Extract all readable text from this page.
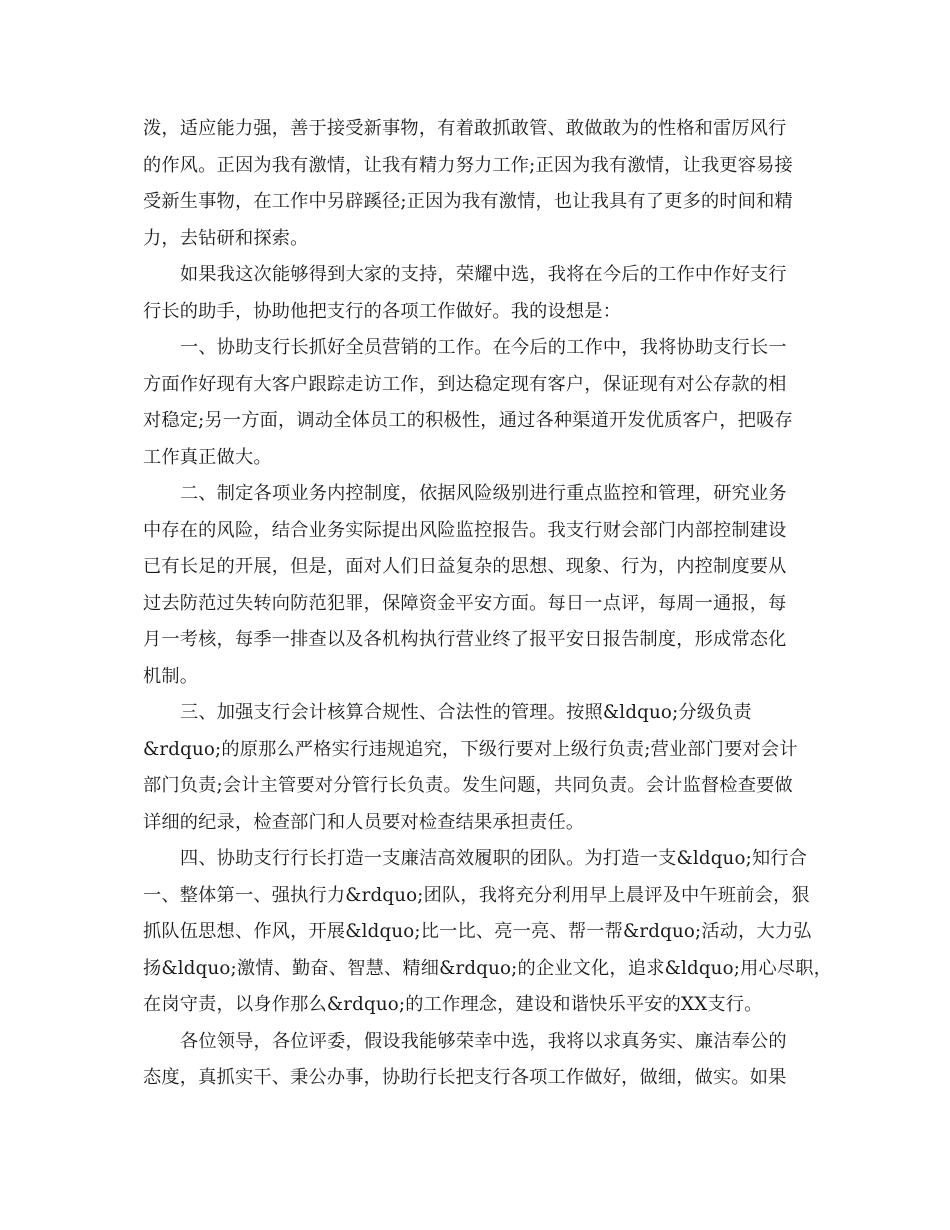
泼，适应能力强，善于接受新事物，有着敢抓敢管、敢做敢为的性格和雷厉风行
的作风。正因为我有激情，让我有精力努力工作;正因为我有激情，让我更容易接
受新生事物，在工作中另辟蹊径;正因为我有激情，也让我具有了更多的时间和精
力，去钻研和探索。
如果我这次能够得到大家的支持，荣耀中选，我将在今后的工作中作好支行
行长的助手，协助他把支行的各项工作做好。我的设想是：
一、协助支行长抓好全员营销的工作。在今后的工作中，我将协助支行长一
方面作好现有大客户跟踪走访工作，到达稳定现有客户，保证现有对公存款的相
对稳定;另一方面，调动全体员工的积极性，通过各种渠道开发优质客户，把吸存
工作真正做大。
二、制定各项业务内控制度，依据风险级别进行重点监控和管理，研究业务
中存在的风险，结合业务实际提出风险监控报告。我支行财会部门内部控制建设
已有长足的开展，但是，面对人们日益复杂的思想、现象、行为，内控制度要从
过去防范过失转向防范犯罪，保障资金平安方面。每日一点评，每周一通报，每
月一考核，每季一排查以及各机构执行营业终了报平安日报告制度，形成常态化
机制。
三、加强支行会计核算合规性、合法性的管理。按照&ldquo;分级负责
&rdquo;的原那么严格实行违规追究，下级行要对上级行负责;营业部门要对会计
部门负责;会计主管要对分管行长负责。发生问题，共同负责。会计监督检查要做
详细的纪录，检查部门和人员要对检查结果承担责任。
四、协助支行行长打造一支廉洁高效履职的团队。为打造一支&ldquo;知行合
一、整体第一、强执行力&rdquo;团队，我将充分利用早上晨评及中午班前会，狠
抓队伍思想、作风，开展&ldquo;比一比、亮一亮、帮一帮&rdquo;活动，大力弘
扬&ldquo;激情、勤奋、智慧、精细&rdquo;的企业文化，追求&ldquo;用心尽职，
在岗守责，以身作那么&rdquo;的工作理念，建设和谐快乐平安的XX支行。
各位领导，各位评委，假设我能够荣幸中选，我将以求真务实、廉洁奉公的
态度，真抓实干、秉公办事，协助行长把支行各项工作做好，做细，做实。如果
